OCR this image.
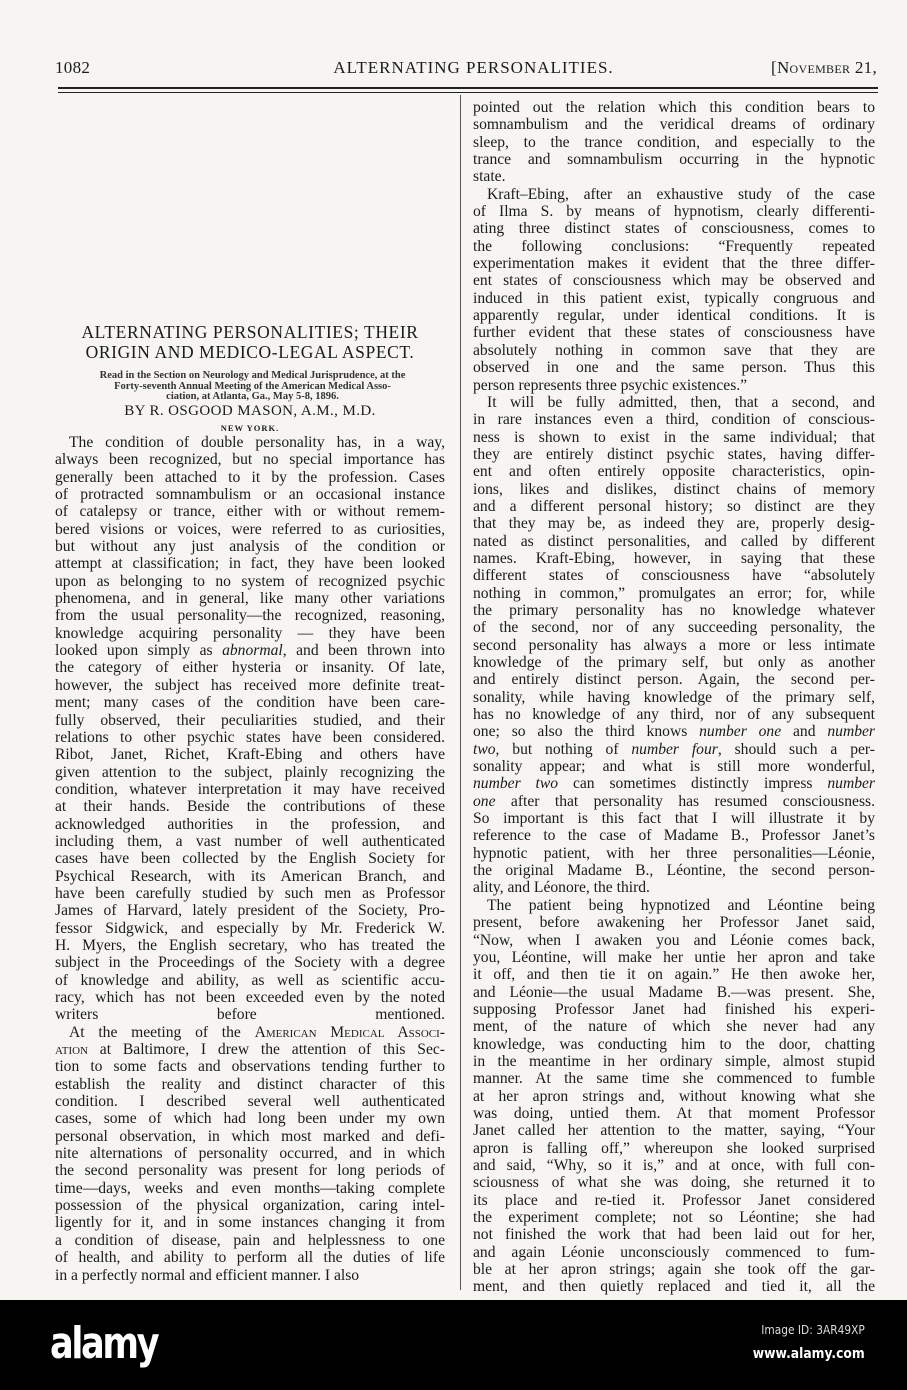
1082	ALTERNATING PERSONALITIES.	[November 21,
ALTERNATING PERSONALITIES; THEIR
ORIGIN AND MEDICO-LEGAL ASPECT.
Read in the Section on Neurology and Medical Jurisprudence, at the
Forty-seventh Annual Meeting of the American Medical Asso-
ciation, at Atlanta, Ga., May 5-8, 1896.
BY R. OSGOOD MASON, A.M., M.D.
NEW YORK.
The condition of double personality has, in a way,
always been recognized, but no special importance has
generally been attached to it by the profession. Cases
of protracted somnambulism or an occasional instance
of catalepsy or trance, either with or without remem-
bered visions or voices, were referred to as curiosities,
but without any just analysis of the condition or
attempt at classification; in fact, they have been looked
upon as belonging to no system of recognized psychic
phenomena, and in general, like many other variations
from the usual personality—the recognized, reasoning,
knowledge acquiring personality — they have been
looked upon simply as abnormal, and been thrown into
the category of either hysteria or insanity. Of late,
however, the subject has received more definite treat-
ment; many cases of the condition have been care-
fully observed, their peculiarities studied, and their
relations to other psychic states have been considered.
Ribot, Janet, Richet, Kraft-Ebing and others have
given attention to the subject, plainly recognizing the
condition, whatever interpretation it may have received
at their hands. Beside the contributions of these
acknowledged authorities in the profession, and
including them, a vast number of well authenticated
cases have been collected by the English Society for
Psychical Research, with its American Branch, and
have been carefully studied by such men as Professor
James of Harvard, lately president of the Society, Pro-
fessor Sidgwick, and especially by Mr. Frederick W.
H. Myers, the English secretary, who has treated the
subject in the Proceedings of the Society with a degree
of knowledge and ability, as well as scientific accu-
racy, which has not been exceeded even by the noted
writers before mentioned.
At the meeting of the American Medical Associ-
ation at Baltimore, I drew the attention of this Sec-
tion to some facts and observations tending further to
establish the reality and distinct character of this
condition. I described several well authenticated
cases, some of which had long been under my own
personal observation, in which most marked and defi-
nite alternations of personality occurred, and in which
the second personality was present for long periods of
time—days, weeks and even months—taking complete
possession of the physical organization, caring intel-
ligently for it, and in some instances changing it from
a condition of disease, pain and helplessness to one
of health, and ability to perform all the duties of life
in a perfectly normal and efficient manner. I also
pointed out the relation which this condition bears to
somnambulism and the veridical dreams of ordinary
sleep, to the trance condition, and especially to the
trance and somnambulism occurring in the hypnotic
state.
Kraft–Ebing, after an exhaustive study of the case
of Ilma S. by means of hypnotism, clearly differenti-
ating three distinct states of consciousness, comes to
the following conclusions: “Frequently repeated
experimentation makes it evident that the three differ-
ent states of consciousness which may be observed and
induced in this patient exist, typically congruous and
apparently regular, under identical conditions. It is
further evident that these states of consciousness have
absolutely nothing in common save that they are
observed in one and the same person. Thus this
person represents three psychic existences.”
It will be fully admitted, then, that a second, and
in rare instances even a third, condition of conscious-
ness is shown to exist in the same individual; that
they are entirely distinct psychic states, having differ-
ent and often entirely opposite characteristics, opin-
ions, likes and dislikes, distinct chains of memory
and a different personal history; so distinct are they
that they may be, as indeed they are, properly desig-
nated as distinct personalities, and called by different
names. Kraft-Ebing, however, in saying that these
different states of consciousness have “absolutely
nothing in common,” promulgates an error; for, while
the primary personality has no knowledge whatever
of the second, nor of any succeeding personality, the
second personality has always a more or less intimate
knowledge of the primary self, but only as another
and entirely distinct person. Again, the second per-
sonality, while having knowledge of the primary self,
has no knowledge of any third, nor of any subsequent
one; so also the third knows number one and number
two, but nothing of number four, should such a per-
sonality appear; and what is still more wonderful,
number two can sometimes distinctly impress number
one after that personality has resumed consciousness.
So important is this fact that I will illustrate it by
reference to the case of Madame B., Professor Janet’s
hypnotic patient, with her three personalities—Léonie,
the original Madame B., Léontine, the second person-
ality, and Léonore, the third.
The patient being hypnotized and Léontine being
present, before awakening her Professor Janet said,
“Now, when I awaken you and Léonie comes back,
you, Léontine, will make her untie her apron and take
it off, and then tie it on again.” He then awoke her,
and Léonie—the usual Madame B.—was present. She,
supposing Professor Janet had finished his experi-
ment, of the nature of which she never had any
knowledge, was conducting him to the door, chatting
in the meantime in her ordinary simple, almost stupid
manner. At the same time she commenced to fumble
at her apron strings and, without knowing what she
was doing, untied them. At that moment Professor
Janet called her attention to the matter, saying, “Your
apron is falling off,” whereupon she looked surprised
and said, “Why, so it is,” and at once, with full con-
sciousness of what she was doing, she returned it to
its place and re-tied it. Professor Janet considered
the experiment complete; not so Léontine; she had
not finished the work that had been laid out for her,
and again Léonie unconsciously commenced to fum-
ble at her apron strings; again she took off the gar-
ment, and then quietly replaced and tied it, all the
alamy	Image ID: 3AR49XP
www.alamy.com
